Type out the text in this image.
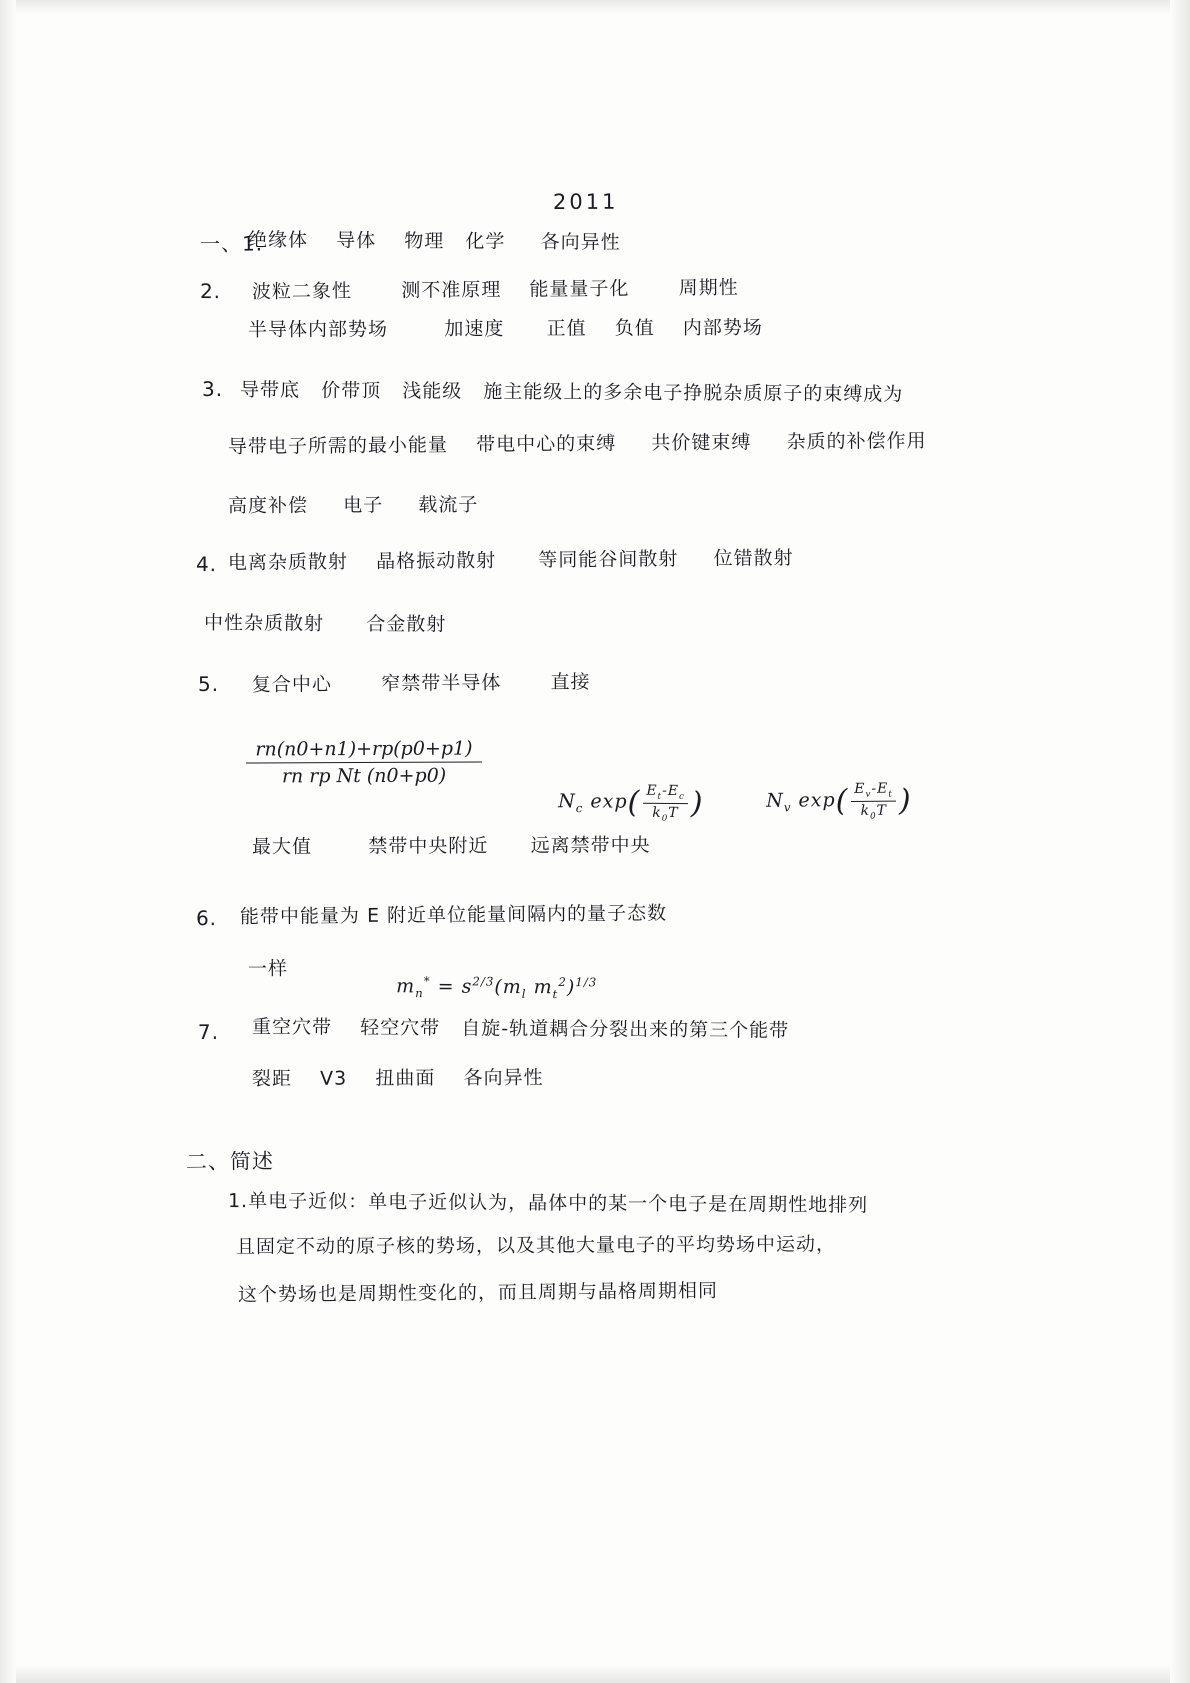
2011
一、1.
绝缘体    导体    物理   化学     各向异性
2. 波粒二象性       测不准原理    能量量子化       周期性
半导体内部势场        加速度      正值    负值    内部势场
3. 导带底   价带顶   浅能级   施主能级上的多余电子挣脱杂质原子的束缚成为
导带电子所需的最小能量    带电中心的束缚     共价键束缚     杂质的补偿作用
高度补偿     电子     载流子
4. 电离杂质散射    晶格振动散射      等同能谷间散射     位错散射
中性杂质散射      合金散射
5. 复合中心       窄禁带半导体       直接
rn(n0+n1)+rp(p0+p1)
rn rp Nt (n0+p0)

$N_c$ $\exp( \frac{E_t-E_c}{k_0T}$ )
	$N_v$ $\exp( \frac{E_v-E_t}{k_0T}$ )

最大值        禁带中央附近      远离禁带中央
6. 能带中能量为 E 附近单位能量间隔内的量子态数
一样

$m_n^* = s^{2/3}(m_l$ $m_t^2)^{1/3}$

7. 重空穴带    轻空穴带   自旋-轨道耦合分裂出来的第三个能带
裂距    V3    扭曲面    各向异性
二、简述
1.单电子近似：单电子近似认为，晶体中的某一个电子是在周期性地排列
且固定不动的原子核的势场，以及其他大量电子的平均势场中运动，
这个势场也是周期性变化的，而且周期与晶格周期相同
